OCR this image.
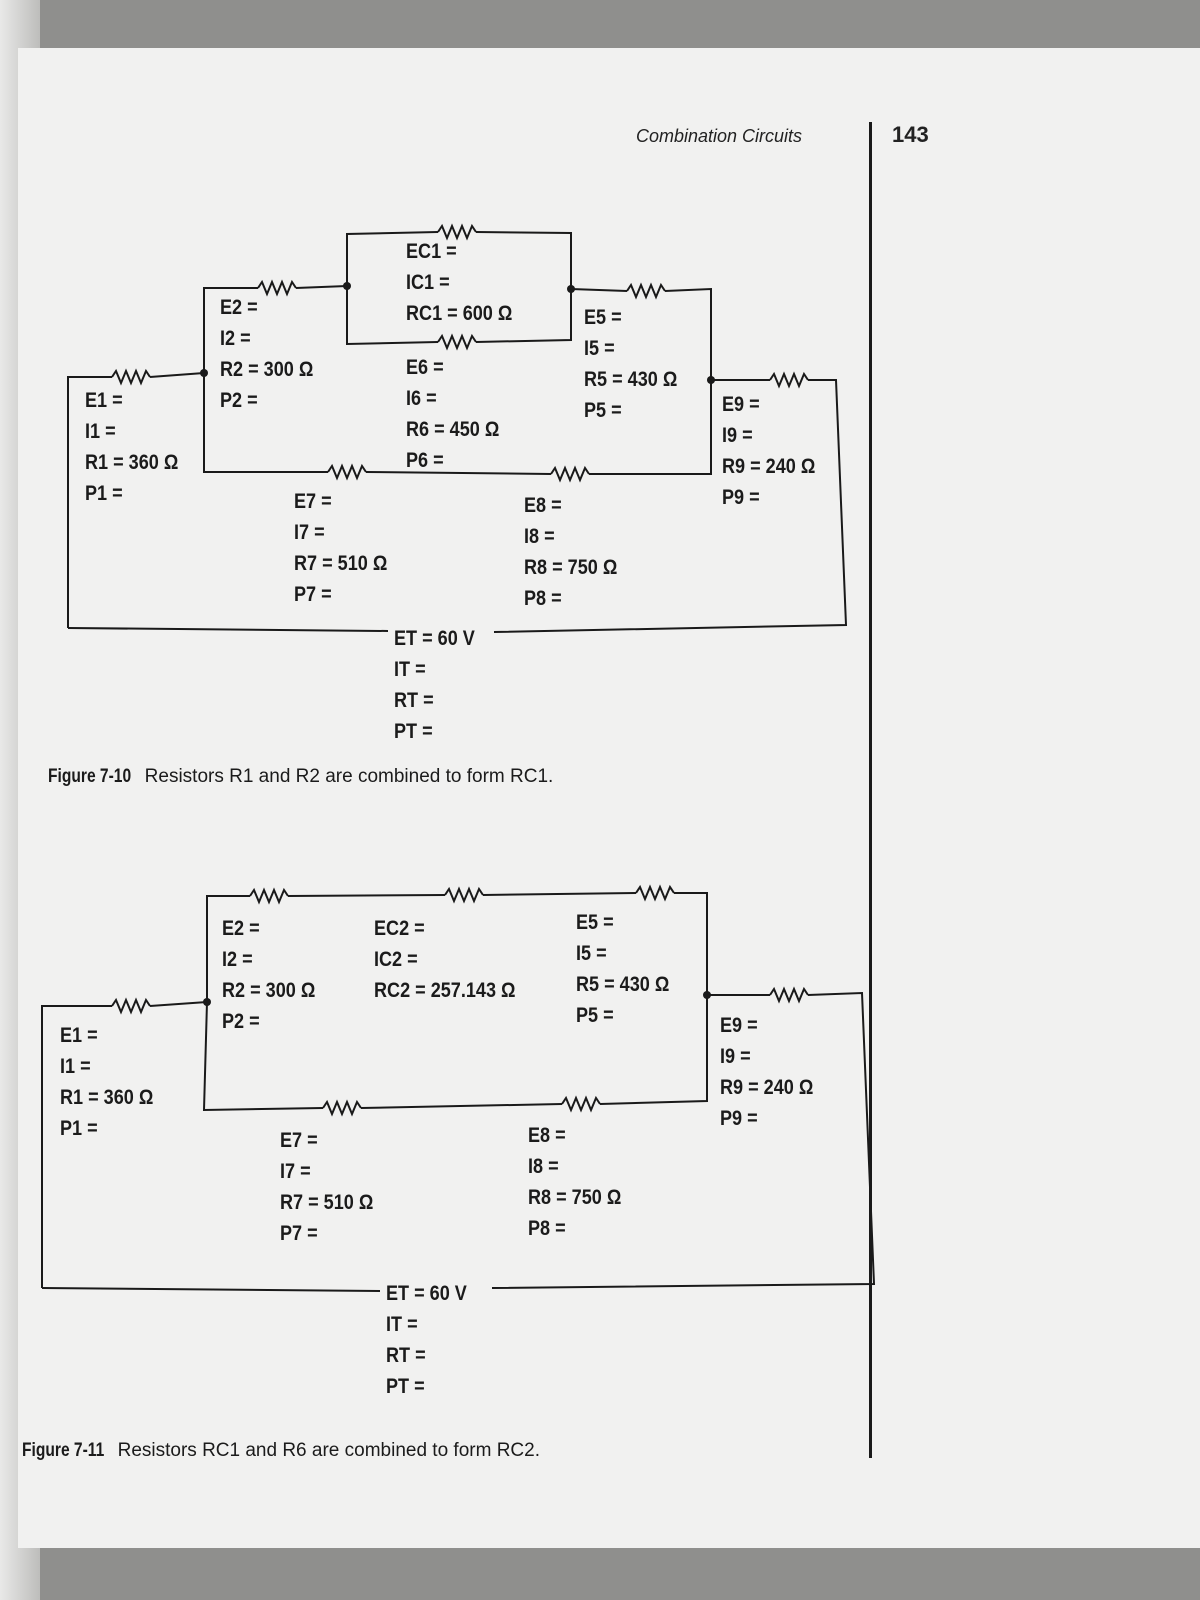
Combination Circuits	143
E1 =
I1 =
R1 = 360 Ω
P1 =
E2 =
I2 =
R2 = 300 Ω
P2 =
EC1 =
IC1 =
RC1 = 600 Ω
E6 =
I6 =
R6 = 450 Ω
P6 =
E5 =
I5 =
R5 = 430 Ω
P5 =	E9 =
I9 =
R9 = 240 Ω
P9 =
E7 =
I7 =
R7 = 510 Ω
P7 =
E8 =
I8 =
R8 = 750 Ω
P8 =
ET = 60 V
IT =
RT =
PT =
Figure 7-10 Resistors R1 and R2 are combined to form RC1.
E1 =
I1 =
R1 = 360 Ω
P1 =
E2 =
I2 =
R2 = 300 Ω
P2 =
EC2 =
IC2 =
RC2 = 257.143 Ω
E5 =
I5 =
R5 = 430 Ω
P5 =	E9 =
I9 =
R9 = 240 Ω
P9 =
E7 =
I7 =
R7 = 510 Ω
P7 =
E8 =
I8 =
R8 = 750 Ω
P8 =
ET = 60 V
IT =
RT =
PT =
Figure 7-11 Resistors RC1 and R6 are combined to form RC2.
